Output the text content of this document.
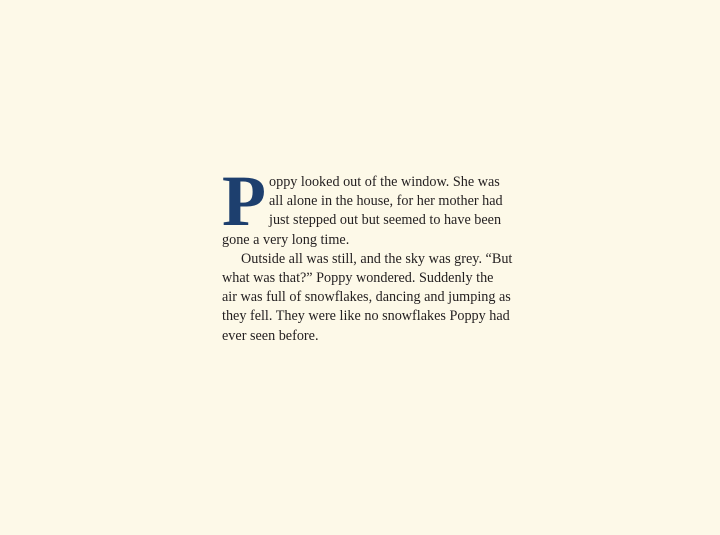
P oppy looked out of the window. She was
all alone in the house, for her mother had
just stepped out but seemed to have been
gone a very long time.
Outside all was still, and the sky was grey. “But
what was that?” Poppy wondered. Suddenly the
air was full of snowflakes, dancing and jumping as
they fell. They were like no snowflakes Poppy had
ever seen before.
